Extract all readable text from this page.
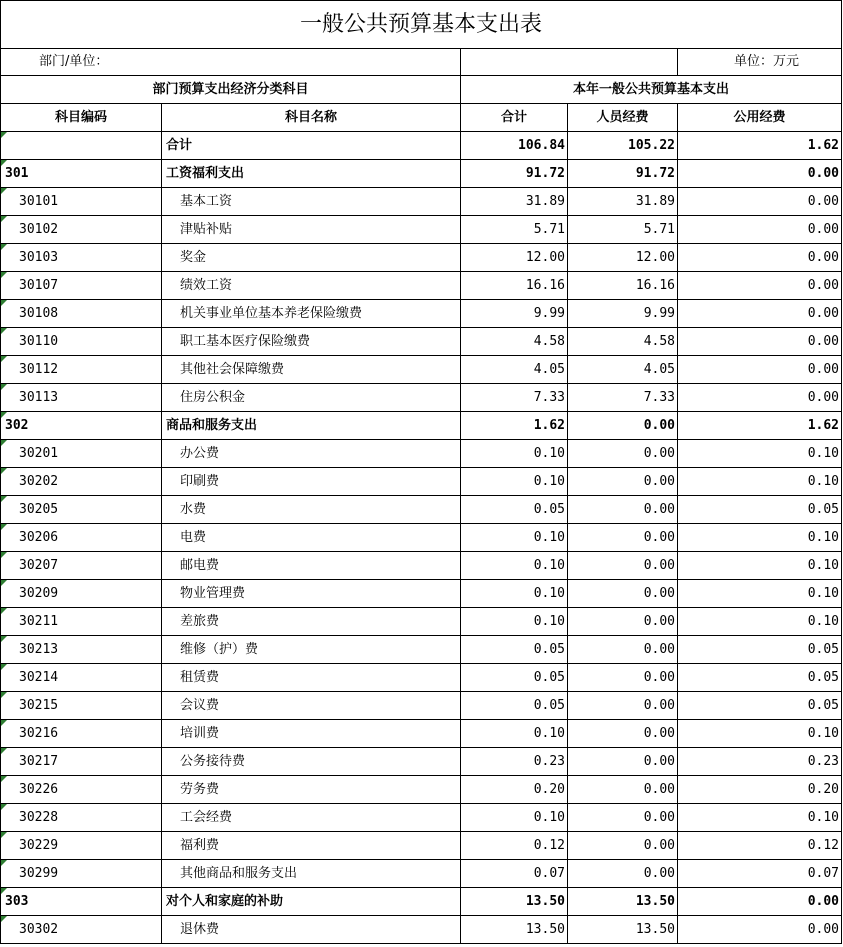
一般公共预算基本支出表				
部门/单位：				单位：万元
部门预算支出经济分类科目		本年一般公共预算基本支出		
科目编码	科目名称	合计	人员经费	公用经费
	合计	106.84	105.22	1.62
301	工资福利支出	91.72	91.72	0.00
30101	基本工资	31.89	31.89	0.00
30102	津贴补贴	5.71	5.71	0.00
30103	奖金	12.00	12.00	0.00
30107	绩效工资	16.16	16.16	0.00
30108	机关事业单位基本养老保险缴费	9.99	9.99	0.00
30110	职工基本医疗保险缴费	4.58	4.58	0.00
30112	其他社会保障缴费	4.05	4.05	0.00
30113	住房公积金	7.33	7.33	0.00
302	商品和服务支出	1.62	0.00	1.62
30201	办公费	0.10	0.00	0.10
30202	印刷费	0.10	0.00	0.10
30205	水费	0.05	0.00	0.05
30206	电费	0.10	0.00	0.10
30207	邮电费	0.10	0.00	0.10
30209	物业管理费	0.10	0.00	0.10
30211	差旅费	0.10	0.00	0.10
30213	维修（护）费	0.05	0.00	0.05
30214	租赁费	0.05	0.00	0.05
30215	会议费	0.05	0.00	0.05
30216	培训费	0.10	0.00	0.10
30217	公务接待费	0.23	0.00	0.23
30226	劳务费	0.20	0.00	0.20
30228	工会经费	0.10	0.00	0.10
30229	福利费	0.12	0.00	0.12
30299	其他商品和服务支出	0.07	0.00	0.07
303	对个人和家庭的补助	13.50	13.50	0.00
30302	退休费	13.50	13.50	0.00
